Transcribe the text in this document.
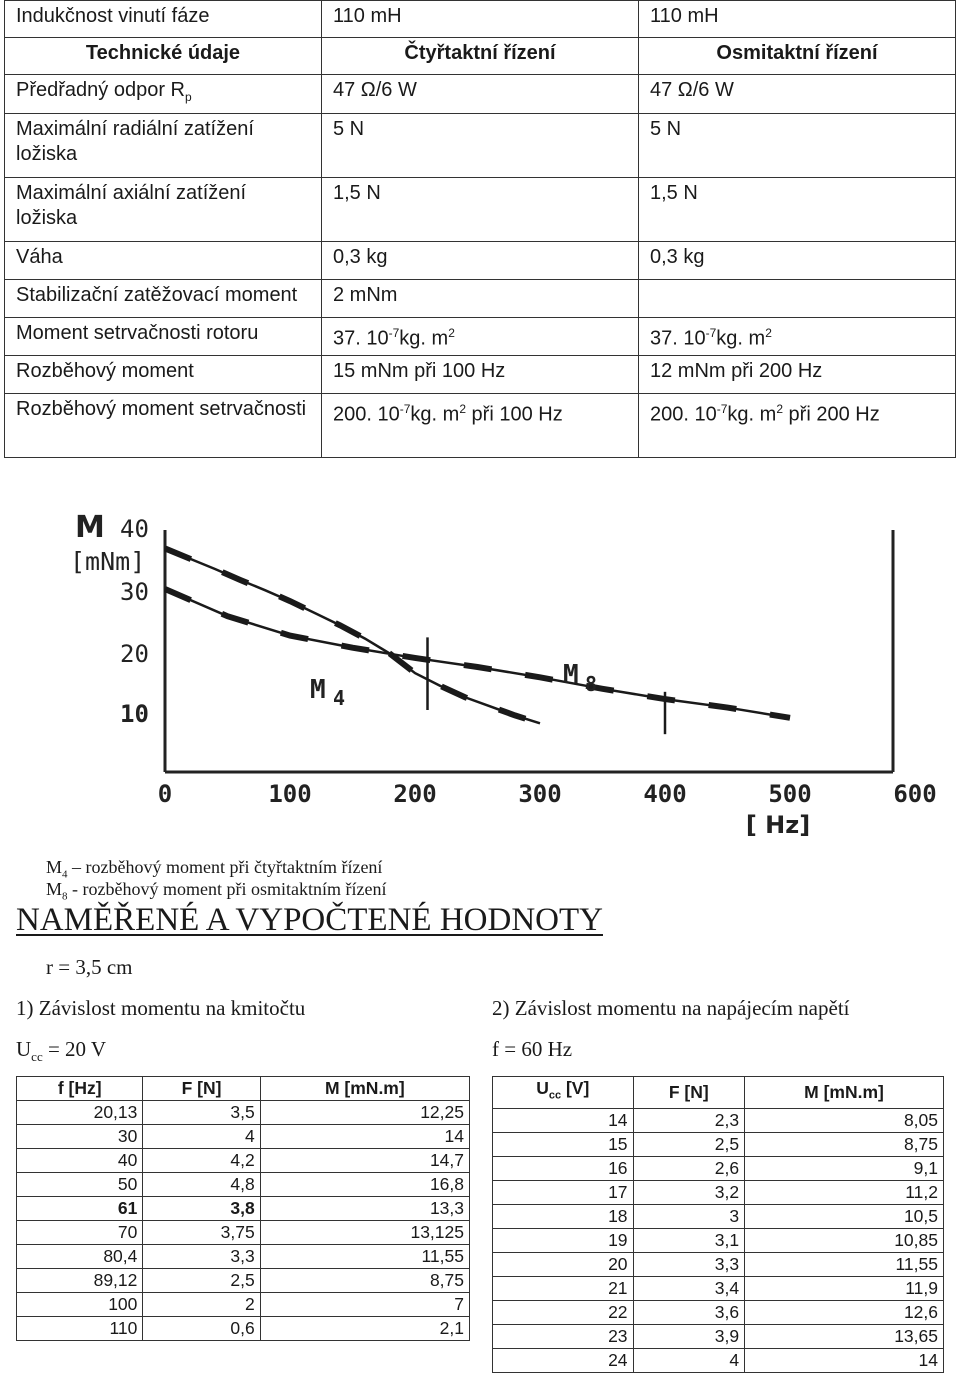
Indukčnost vinutí fáze	110 mH	110 mH
Technické údaje	Čtyřtaktní řízení	Osmitaktní řízení
Předřadný odpor $R_p$	47 Ω/6 W	47 Ω/6 W
Maximální radiální zatížení ložiska	5 N	5 N
Maximální axiální zatížení ložiska	1,5 N	1,5 N
Váha	0,3 kg	0,3 kg
Stabilizační zatěžovací moment	2 mNm	
Moment setrvačnosti rotoru	37. $10^{-7}kg$. $m^2$	37. $10^{-7}kg$. $m^2$
Rozběhový moment	15 mNm při 100 Hz	12 mNm při 200 Hz
Rozběhový moment setrvačnosti	200. $10^{-7}kg$. $m^2$ při 100 Hz	200. $10^{-7}kg$. $m^2$ při 200 Hz
M
[mNm]
40
30
20
10
0	100	200	300	400	500	600
[ Hz]
M 4
M 8
$M_4$ – rozběhový moment při čtyřtaktním řízení
$M_8$ - rozběhový moment při osmitaktním řízení
NAMĚŘENÉ A VYPOČTENÉ HODNOTY
r = 3,5 cm
1) Závislost momentu na kmitočtu
$U_{cc} = 20$ V
2) Závislost momentu na napájecím napětí
f = 60 Hz
f [Hz]	F [N]	M [mN.m]
20,13	3,5	12,25
30	4	14
40	4,2	14,7
50	4,8	16,8
61	3,8	13,3
70	3,75	13,125
80,4	3,3	11,55
89,12	2,5	8,75
100	2	7
110	0,6	2,1
$U_{cc}$ [V]	F [N]	M [mN.m]
14	2,3	8,05
15	2,5	8,75
16	2,6	9,1
17	3,2	11,2
18	3	10,5
19	3,1	10,85
20	3,3	11,55
21	3,4	11,9
22	3,6	12,6
23	3,9	13,65
24	4	14
